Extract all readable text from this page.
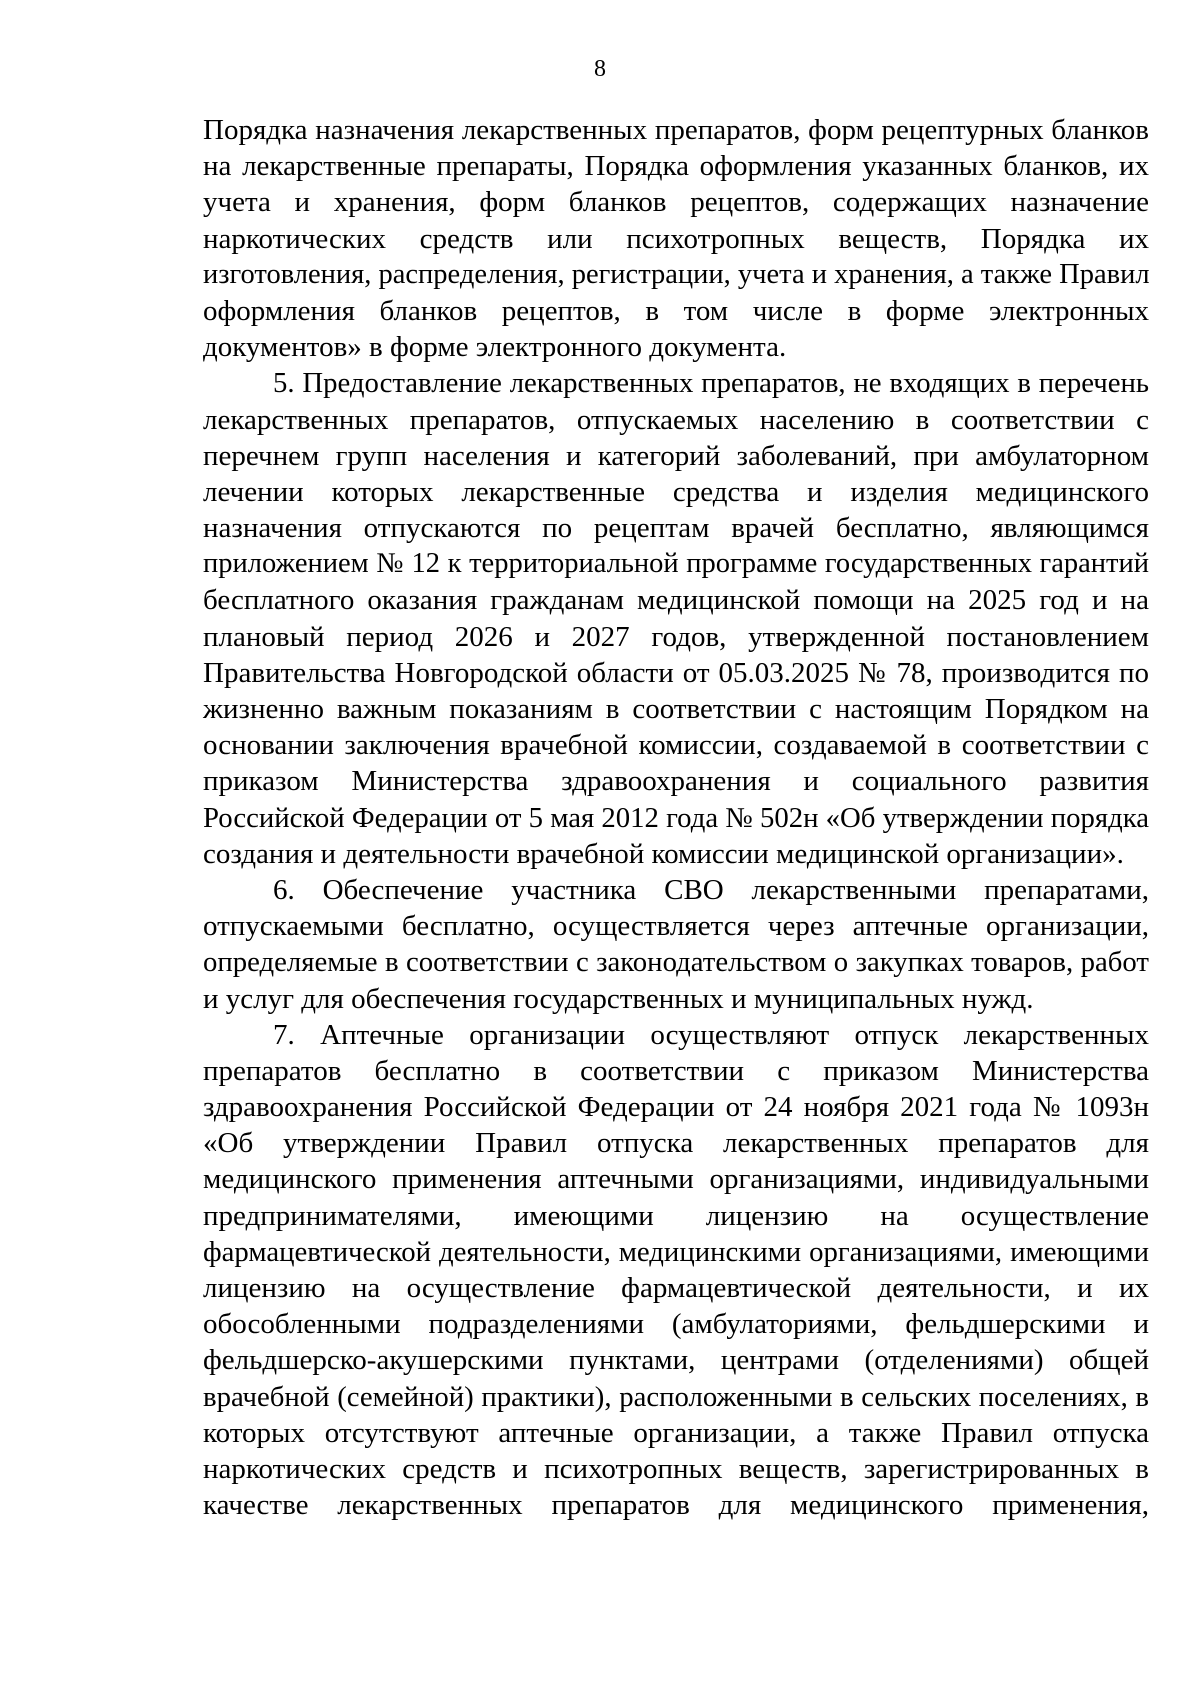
8
Порядка назначения лекарственных препаратов, форм рецептурных бланков
на лекарственные препараты, Порядка оформления указанных бланков, их
учета и хранения, форм бланков рецептов, содержащих назначение
наркотических средств или психотропных веществ, Порядка их
изготовления, распределения, регистрации, учета и хранения, а также Правил
оформления бланков рецептов, в том числе в форме электронных
документов» в форме электронного документа.
5. Предоставление лекарственных препаратов, не входящих в перечень
лекарственных препаратов, отпускаемых населению в соответствии с
перечнем групп населения и категорий заболеваний, при амбулаторном
лечении которых лекарственные средства и изделия медицинского
назначения отпускаются по рецептам врачей бесплатно, являющимся
приложением № 12 к территориальной программе государственных гарантий
бесплатного оказания гражданам медицинской помощи на 2025 год и на
плановый период 2026 и 2027 годов, утвержденной постановлением
Правительства Новгородской области от 05.03.2025 № 78, производится по
жизненно важным показаниям в соответствии с настоящим Порядком на
основании заключения врачебной комиссии, создаваемой в соответствии с
приказом Министерства здравоохранения и социального развития
Российской Федерации от 5 мая 2012 года № 502н «Об утверждении порядка
создания и деятельности врачебной комиссии медицинской организации».
6. Обеспечение участника СВО лекарственными препаратами,
отпускаемыми бесплатно, осуществляется через аптечные организации,
определяемые в соответствии с законодательством о закупках товаров, работ
и услуг для обеспечения государственных и муниципальных нужд.
7. Аптечные организации осуществляют отпуск лекарственных
препаратов бесплатно в соответствии с приказом Министерства
здравоохранения Российской Федерации от 24 ноября 2021 года № 1093н
«Об утверждении Правил отпуска лекарственных препаратов для
медицинского применения аптечными организациями, индивидуальными
предпринимателями, имеющими лицензию на осуществление
фармацевтической деятельности, медицинскими организациями, имеющими
лицензию на осуществление фармацевтической деятельности, и их
обособленными подразделениями (амбулаториями, фельдшерскими и
фельдшерско-акушерскими пунктами, центрами (отделениями) общей
врачебной (семейной) практики), расположенными в сельских поселениях, в
которых отсутствуют аптечные организации, а также Правил отпуска
наркотических средств и психотропных веществ, зарегистрированных в
качестве лекарственных препаратов для медицинского применения,
